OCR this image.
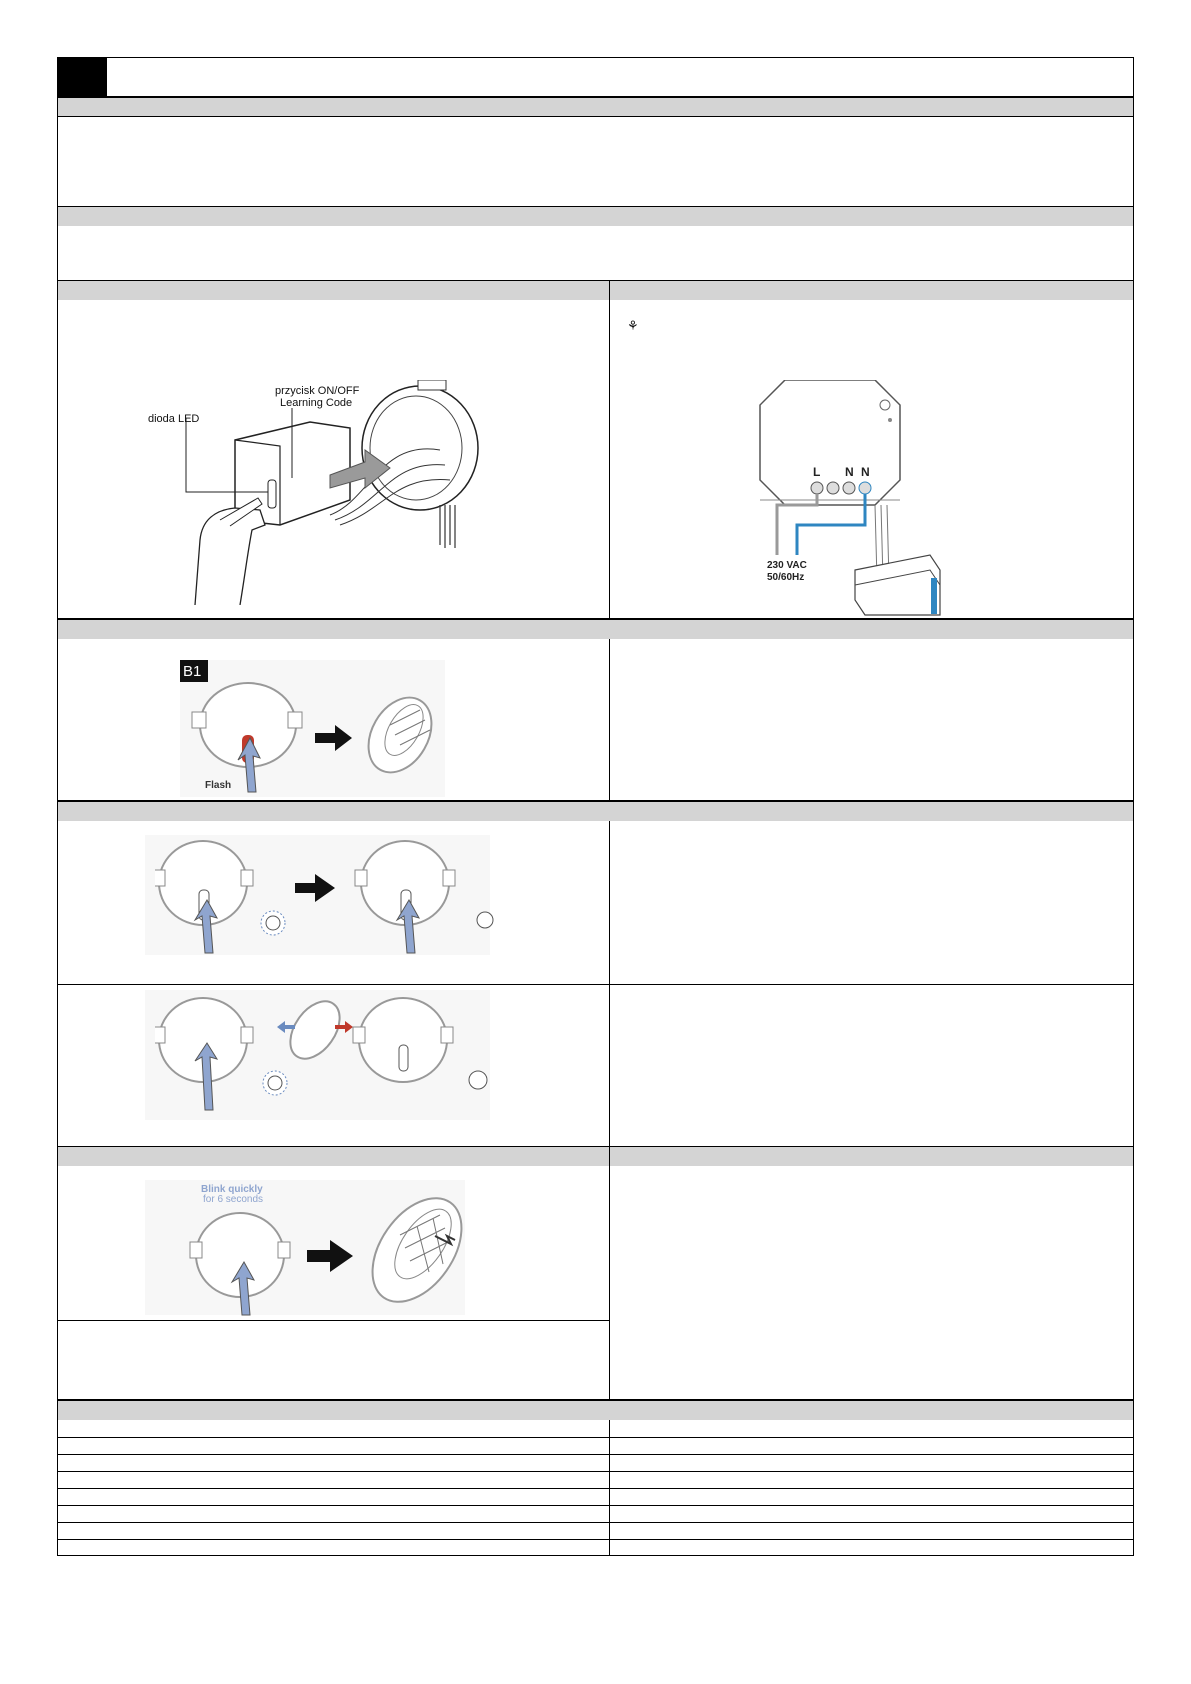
dioda LED
przycisk ON/OFF
Learning Code
⚘
L N N
230 VAC
50/60Hz
B1
Flash
Blink quickly
for 6 seconds
